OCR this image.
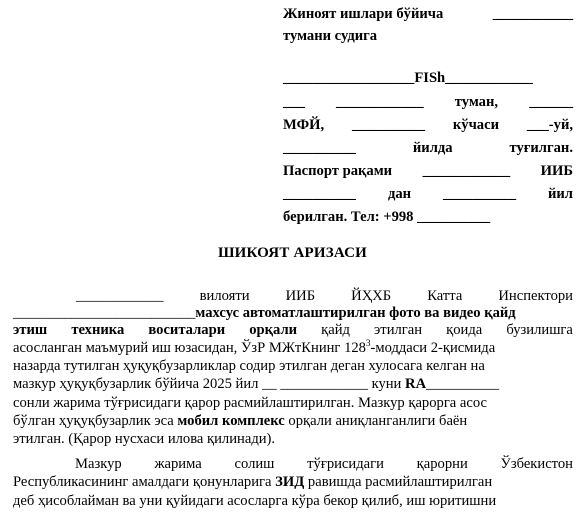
Жиноят ишлари бўйича	___________
тумани судига
__________________FISh____________
___ ____________ туман, ______
МФЙ, __________ кўчаси ___-уй,
__________	йилда	туғилган.
Паспорт рақами ____________ ИИБ
__________ дан __________ йил
берилган. Тел: +998 __________
ШИКОЯТ АРИЗАСИ
____________ вилояти ИИБ ЙҲХБ Катта Инспектори
_________________________махсус автоматлаштирилган фото ва видео қайд
этиш техника воситалари орқали қайд этилган қоида бузилишга
асосланган маъмурий иш юзасидан, ЎзР МЖтКнинг $128^3$-моддаси 2-қисмида
назарда тутилган ҳуқуқбузарликлар содир этилган деган хулосага келган на
мазкур ҳуқуқбузарлик бўйича 2025 йил __ ____________ куни RA__________
сонли жарима тўғрисидаги қарор расмийлаштирилган. Мазкур қарорга асос
бўлган ҳуқуқбузарлик эса мобил комплекс орқали аниқланганлиги баён
этилган. (Қарор нусхаси илова қилинади).
Мазкур жарима солиш тўғрисидаги қарорни Ўзбекистон
Республикасининг амалдаги қонунларига ЗИД равишда расмийлаштирилган
деб ҳисоблайман ва уни қуйидаги асосларга кўра бекор қилиб, иш юритишни
